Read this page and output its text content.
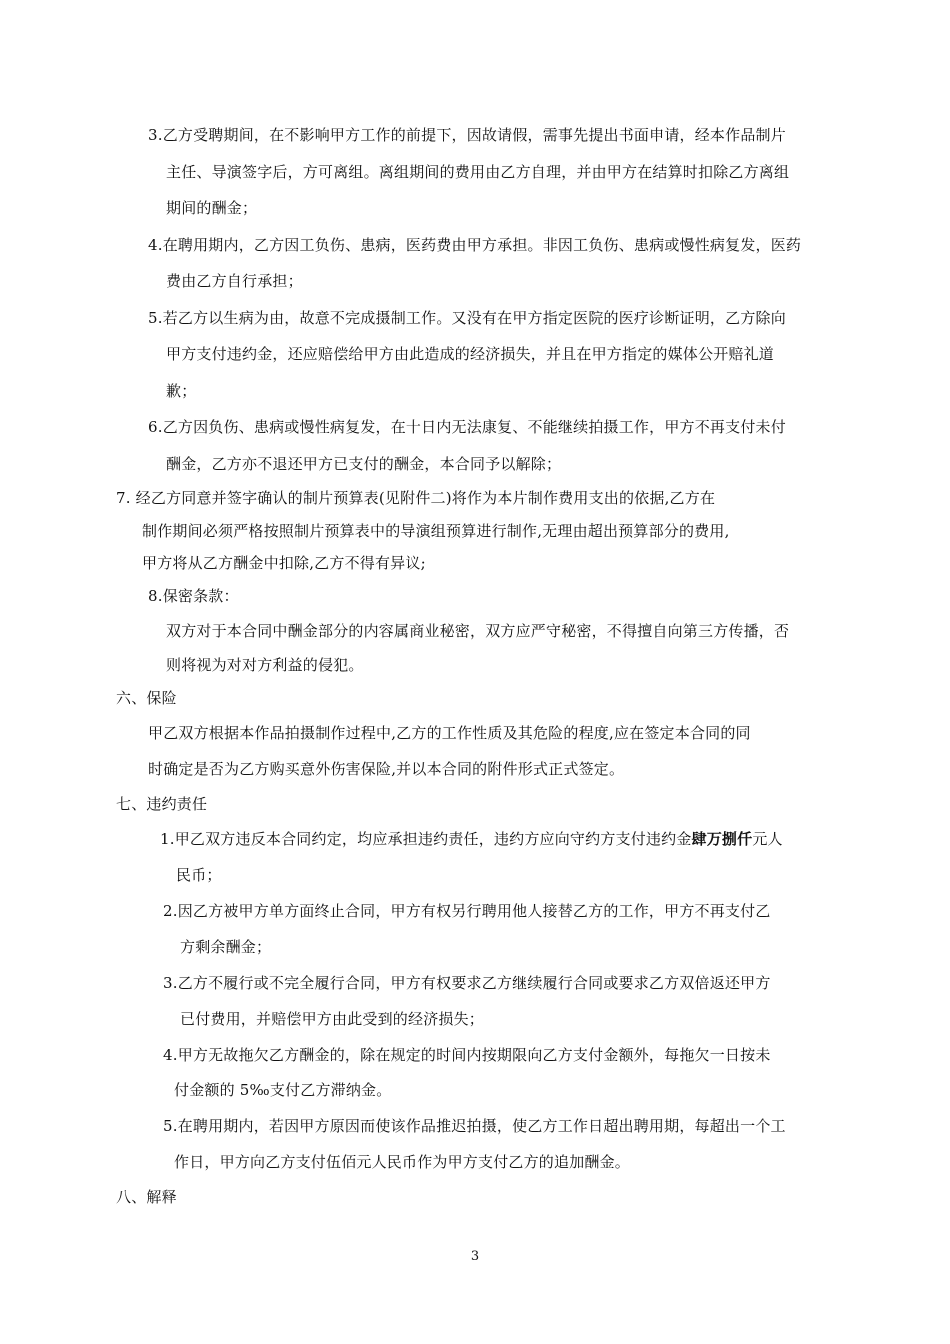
3.乙方受聘期间，在不影响甲方工作的前提下，因故请假，需事先提出书面申请，经本作品制片
主任、导演签字后，方可离组。离组期间的费用由乙方自理，并由甲方在结算时扣除乙方离组
期间的酬金；
4.在聘用期内，乙方因工负伤、患病，医药费由甲方承担。非因工负伤、患病或慢性病复发，医药
费由乙方自行承担；
5.若乙方以生病为由，故意不完成摄制工作。又没有在甲方指定医院的医疗诊断证明，乙方除向
甲方支付违约金，还应赔偿给甲方由此造成的经济损失，并且在甲方指定的媒体公开赔礼道
歉；
6.乙方因负伤、患病或慢性病复发，在十日内无法康复、不能继续拍摄工作，甲方不再支付未付
酬金，乙方亦不退还甲方已支付的酬金，本合同予以解除；
7. 经乙方同意并签字确认的制片预算表(见附件二)将作为本片制作费用支出的依据,乙方在
制作期间必须严格按照制片预算表中的导演组预算进行制作,无理由超出预算部分的费用,
甲方将从乙方酬金中扣除,乙方不得有异议;
8.保密条款：
双方对于本合同中酬金部分的内容属商业秘密，双方应严守秘密，不得擅自向第三方传播，否
则将视为对对方利益的侵犯。
六、保险
甲乙双方根据本作品拍摄制作过程中,乙方的工作性质及其危险的程度,应在签定本合同的同
时确定是否为乙方购买意外伤害保险,并以本合同的附件形式正式签定。
七、违约责任
1.甲乙双方违反本合同约定，均应承担违约责任，违约方应向守约方支付违约金肆万捌仟元人
民币；
2.因乙方被甲方单方面终止合同，甲方有权另行聘用他人接替乙方的工作，甲方不再支付乙
方剩余酬金；
3.乙方不履行或不完全履行合同，甲方有权要求乙方继续履行合同或要求乙方双倍返还甲方
已付费用，并赔偿甲方由此受到的经济损失；
4.甲方无故拖欠乙方酬金的，除在规定的时间内按期限向乙方支付金额外，每拖欠一日按未
付金额的 5‰支付乙方滞纳金。
5.在聘用期内，若因甲方原因而使该作品推迟拍摄，使乙方工作日超出聘用期，每超出一个工
作日，甲方向乙方支付伍佰元人民币作为甲方支付乙方的追加酬金。
八、解释
3
